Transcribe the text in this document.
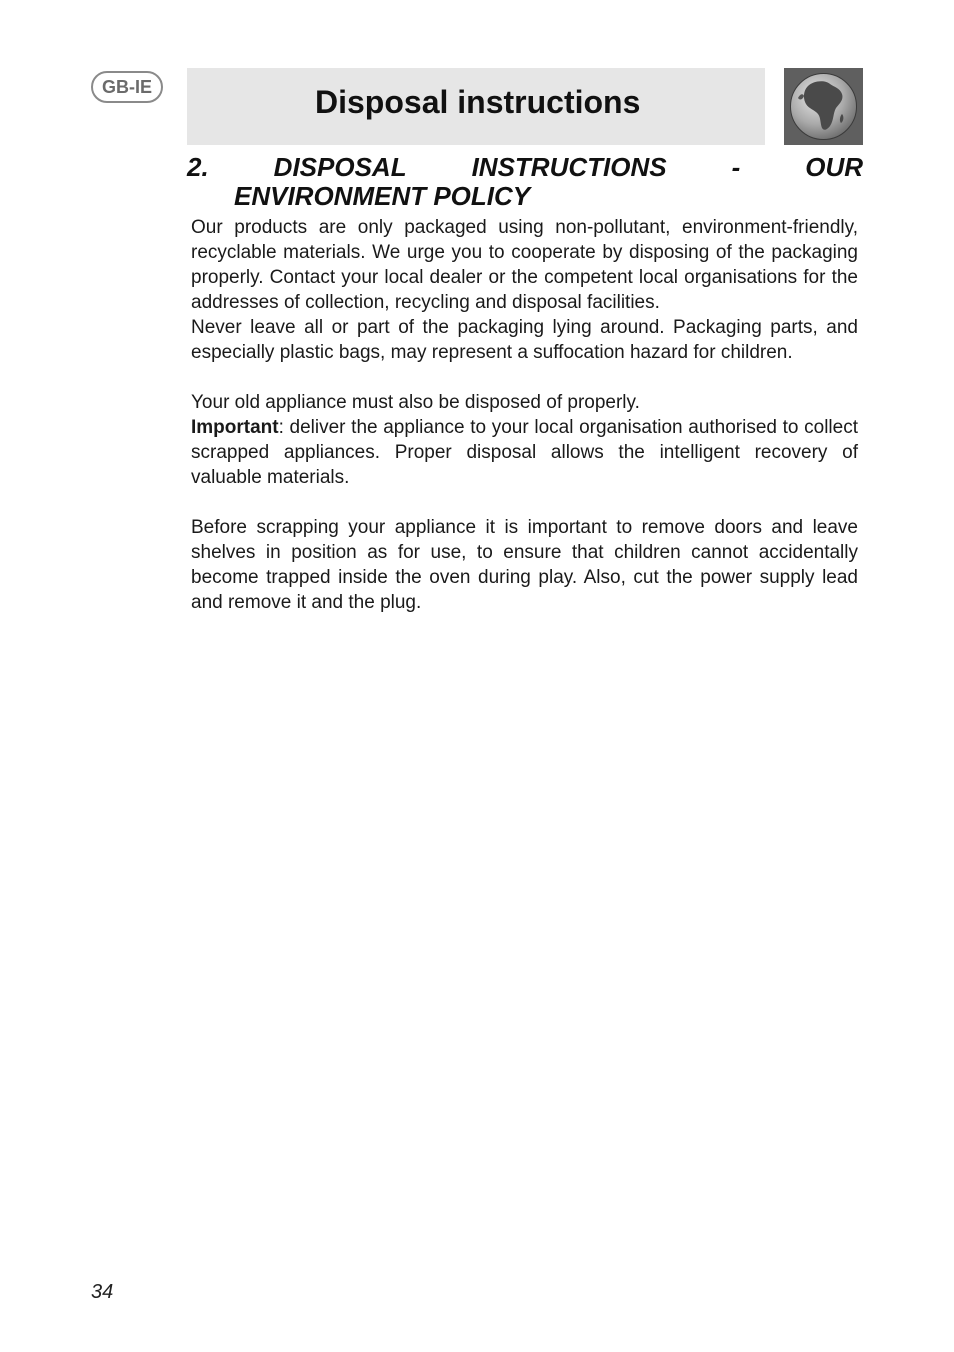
GB-IE	Disposal instructions
2. DISPOSAL INSTRUCTIONS - OUR
ENVIRONMENT POLICY

Our products are only packaged using non-pollutant, environment-friendly, recyclable materials. We urge you to cooperate by disposing of the packaging properly. Contact your local dealer or the competent local organisations for the addresses of collection, recycling and disposal facilities.

Never leave all or part of the packaging lying around. Packaging parts, and especially plastic bags, may represent a suffocation hazard for children.

Your old appliance must also be disposed of properly.

Important: deliver the appliance to your local organisation authorised to collect scrapped appliances. Proper disposal allows the intelligent recovery of valuable materials.

Before scrapping your appliance it is important to remove doors and leave shelves in position as for use, to ensure that children cannot accidentally become trapped inside the oven during play. Also, cut the power supply lead and remove it and the plug.

34
